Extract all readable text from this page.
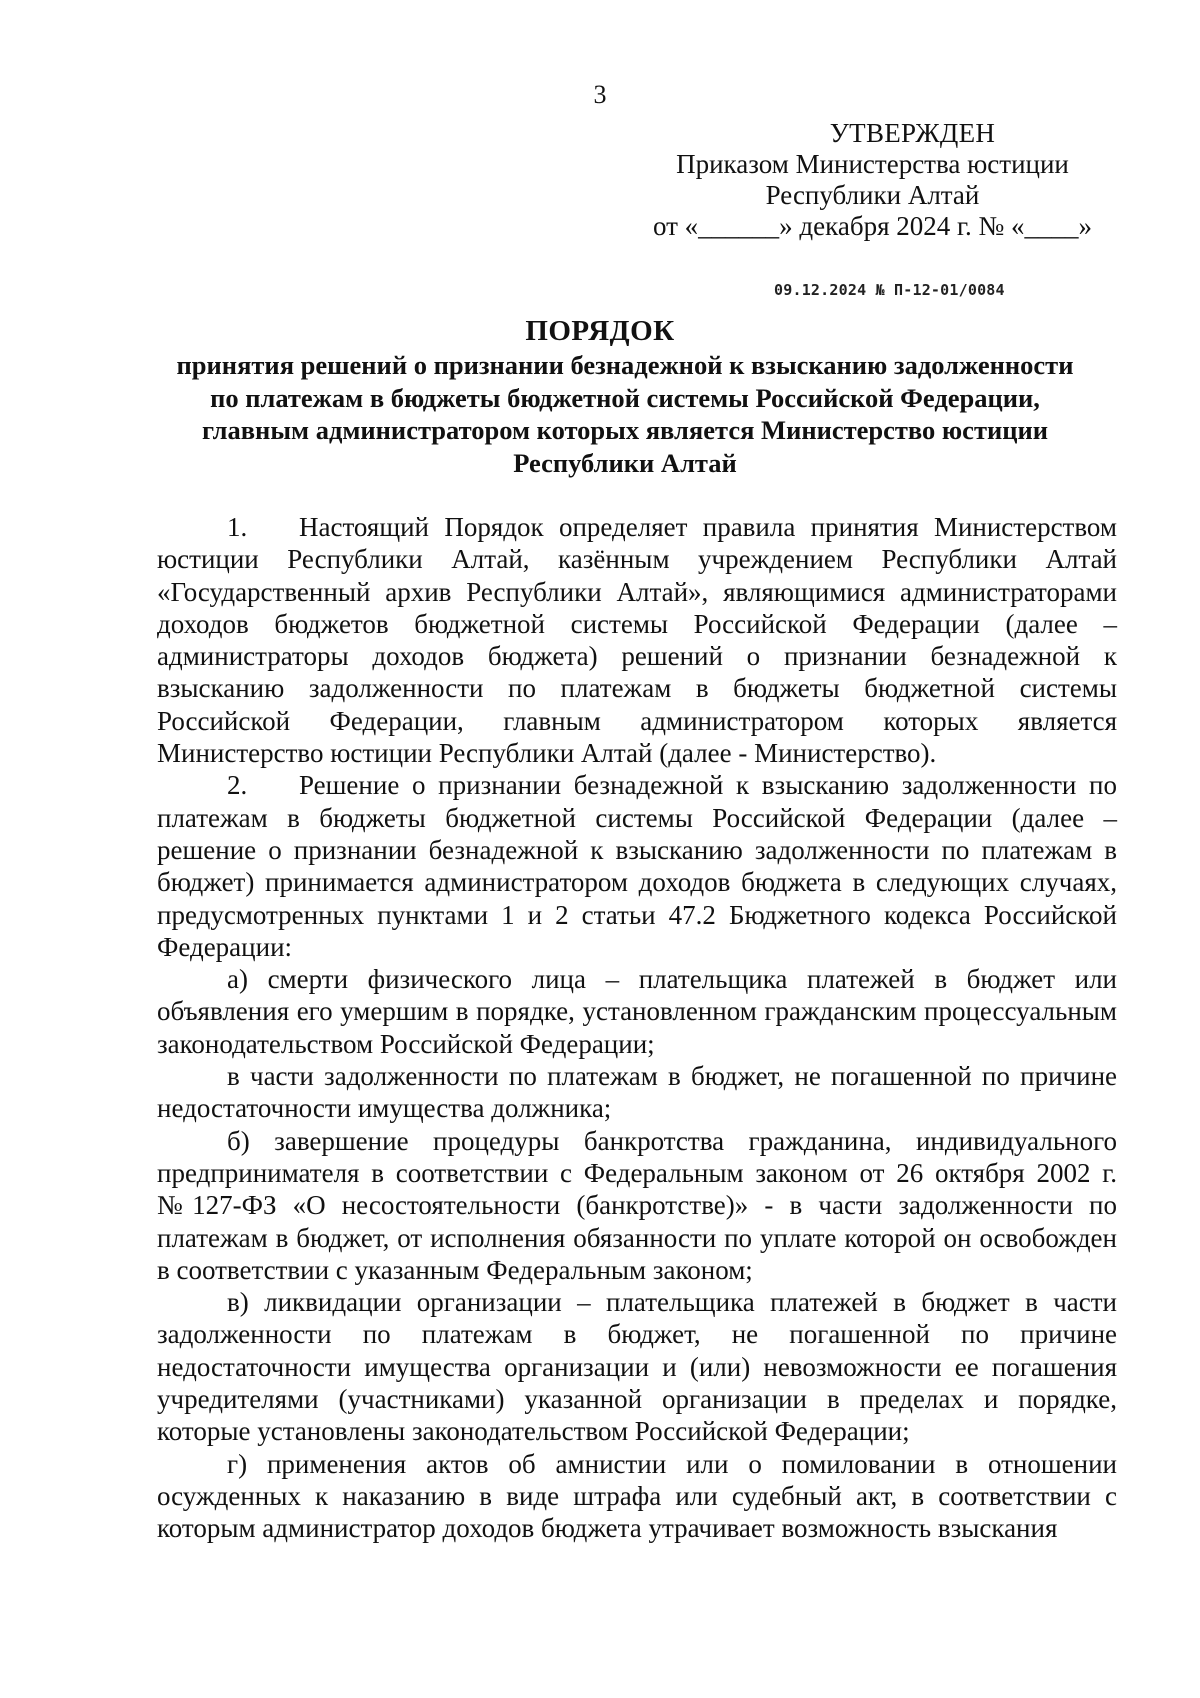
3
УТВЕРЖДЕН
Приказом Министерства юстиции
Республики Алтай
от «______» декабря 2024 г. № «____»
09.12.2024 № П-12-01/0084
ПОРЯДОК
принятия решений о признании безнадежной к взысканию задолженности
по платежам в бюджеты бюджетной системы Российской Федерации,
главным администратором которых является Министерство юстиции
Республики Алтай

1. Настоящий Порядок определяет правила принятия Министерством юстиции Республики Алтай, казённым учреждением Республики Алтай «Государственный архив Республики Алтай», являющимися администраторами доходов бюджетов бюджетной системы Российской Федерации (далее – администраторы доходов бюджета) решений о признании безнадежной к взысканию задолженности по платежам в бюджеты бюджетной системы Российской Федерации, главным администратором которых является Министерство юстиции Республики Алтай (далее - Министерство).

2. Решение о признании безнадежной к взысканию задолженности по платежам в бюджеты бюджетной системы Российской Федерации (далее – решение о признании безнадежной к взысканию задолженности по платежам в бюджет) принимается администратором доходов бюджета в следующих случаях, предусмотренных пунктами 1 и 2 статьи 47.2 Бюджетного кодекса Российской Федерации:

а) смерти физического лица – плательщика платежей в бюджет или объявления его умершим в порядке, установленном гражданским процессуальным законодательством Российской Федерации;

в части задолженности по платежам в бюджет, не погашенной по причине недостаточности имущества должника;

б) завершение процедуры банкротства гражданина, индивидуального предпринимателя в соответствии с Федеральным законом от 26 октября 2002 г. №127-ФЗ «О несостоятельности (банкротстве)» - в части задолженности по платежам в бюджет, от исполнения обязанности по уплате которой он освобожден в соответствии с указанным Федеральным законом;

в) ликвидации организации – плательщика платежей в бюджет в части задолженности по платежам в бюджет, не погашенной по причине недостаточности имущества организации и (или) невозможности ее погашения учредителями (участниками) указанной организации в пределах и порядке, которые установлены законодательством Российской Федерации;

г) применения актов об амнистии или о помиловании в отношении осужденных к наказанию в виде штрафа или судебный акт, в соответствии с которым администратор доходов бюджета утрачивает возможность взыскания
